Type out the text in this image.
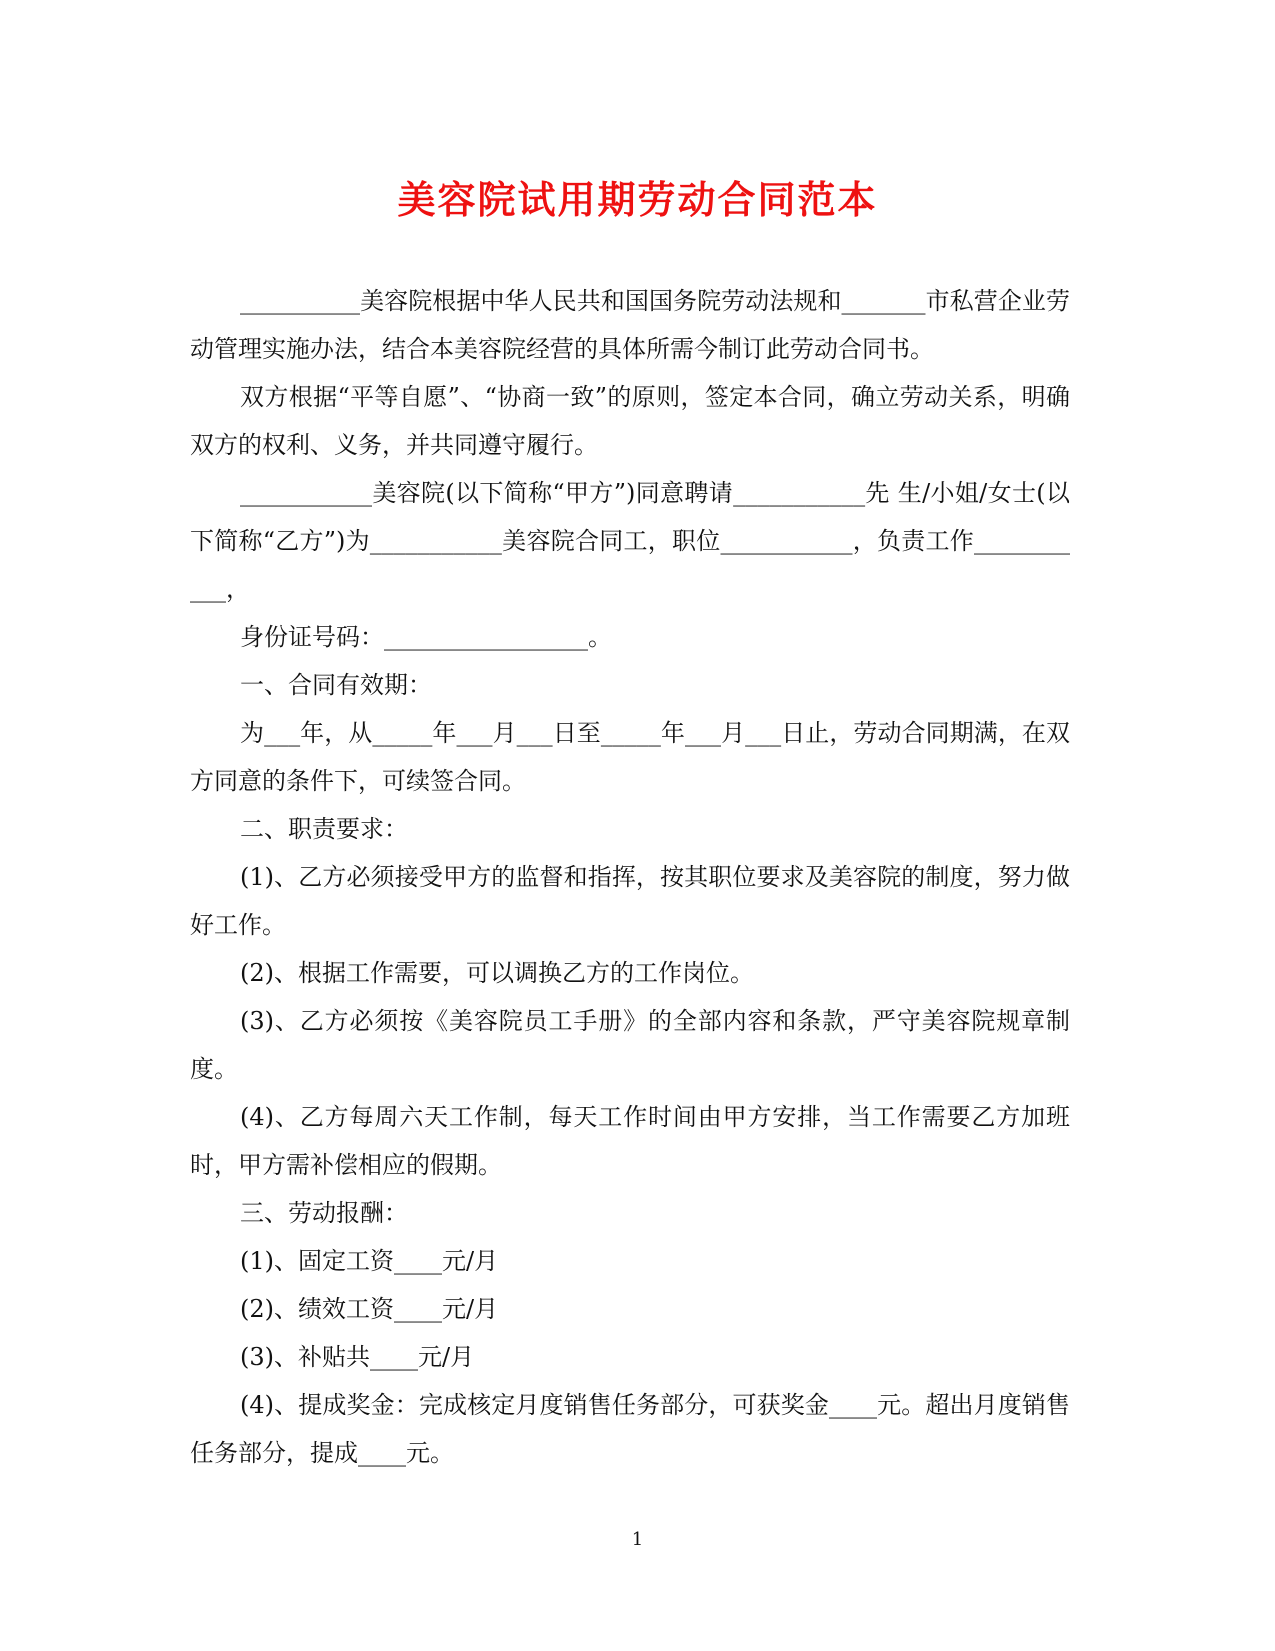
美容院试用期劳动合同范本

__________美容院根据中华人民共和国国务院劳动法规和_______市私营企业劳动管理实施办法，结合本美容院经营的具体所需今制订此劳动合同书。

双方根据“平等自愿”、“协商一致”的原则，签定本合同，确立劳动关系，明确双方的权利、义务，并共同遵守履行。

___________美容院(以下简称“甲方”)同意聘请___________先 生/小姐/女士(以下简称“乙方”)为___________美容院合同工，职位___________，负责工作___________，

身份证号码：_________________。

一、合同有效期：

为___年，从_____年___月___日至_____年___月___日止，劳动合同期满，在双方同意的条件下，可续签合同。

二、职责要求：

(1)、乙方必须接受甲方的监督和指挥，按其职位要求及美容院的制度，努力做好工作。

(2)、根据工作需要，可以调换乙方的工作岗位。

(3)、乙方必须按《美容院员工手册》的全部内容和条款，严守美容院规章制度。

(4)、乙方每周六天工作制，每天工作时间由甲方安排，当工作需要乙方加班时，甲方需补偿相应的假期。

三、劳动报酬：

(1)、固定工资____元/月

(2)、绩效工资____元/月

(3)、补贴共____元/月

(4)、提成奖金：完成核定月度销售任务部分，可获奖金____元。超出月度销售任务部分，提成____元。

1
